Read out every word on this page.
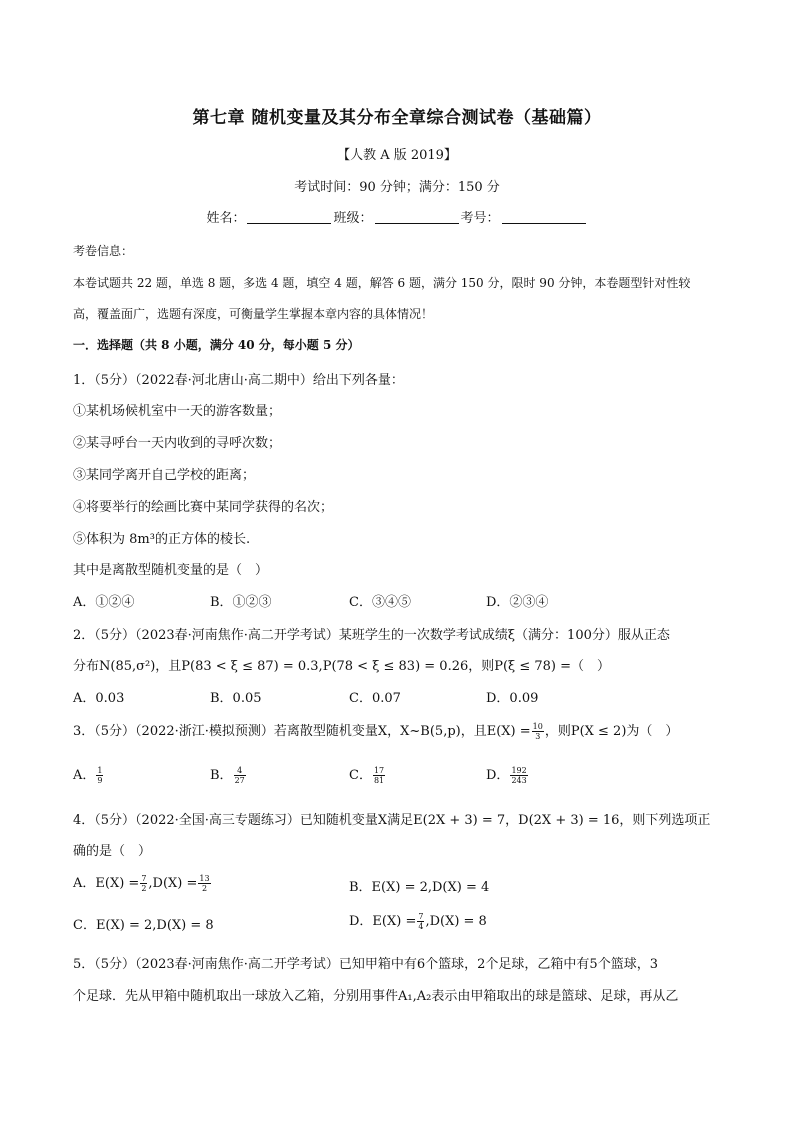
第七章 随机变量及其分布全章综合测试卷（基础篇）
【人教 A 版 2019】
考试时间：90 分钟；满分：150 分
姓名：	班级：	考号：
考卷信息：
本卷试题共 22 题，单选 8 题，多选 4 题，填空 4 题，解答 6 题，满分 150 分，限时 90 分钟，本卷题型针对性较
高，覆盖面广，选题有深度，可衡量学生掌握本章内容的具体情况！
一．选择题（共 8 小题，满分 40 分，每小题 5 分）
1．（5分）（2022春·河北唐山·高二期中）给出下列各量：
①某机场候机室中一天的游客数量；
②某寻呼台一天内收到的寻呼次数；
③某同学离开自己学校的距离；
④将要举行的绘画比赛中某同学获得的名次；
⑤体积为 8m³的正方体的棱长.
其中是离散型随机变量的是（　）
A．①②④	B．①②③	C．③④⑤	D．②③④
2．（5分）（2023春·河南焦作·高二开学考试）某班学生的一次数学考试成绩ξ（满分：100分）服从正态
分布N(85,σ²)，且P(83 < ξ ≤ 87) = 0.3,P(78 < ξ ≤ 83) = 0.26，则P(ξ ≤ 78) =（　）
A．0.03	B．0.05	C．0.07	D．0.09
3．（5分）（2022·浙江·模拟预测）若离散型随机变量X，X~B(5,p)，且$E(X) = \frac{10}{3}$ ，则P(X ≤ 2)为（　）
A． $\frac{1}{9}$	B． $\frac{4}{27}$	C． $\frac{17}{81}$	D． $\frac{192}{243}$
4．（5分）（2022·全国·高三专题练习）已知随机变量X满足E(2X + 3) = 7，D(2X + 3) = 16，则下列选项正
确的是（　）
A．$E(X) = \frac{7}{2} ,D(X) = \frac{13}{2}$	B．E(X) = 2,D(X) = 4
C．E(X) = 2,D(X) = 8	D．$E(X) = \frac{7}{4} ,D(X) = 8$
5．（5分）（2023春·河南焦作·高二开学考试）已知甲箱中有6个篮球，2个足球，乙箱中有5个篮球，3
个足球．先从甲箱中随机取出一球放入乙箱，分别用事件A₁,A₂表示由甲箱取出的球是篮球、足球，再从乙
